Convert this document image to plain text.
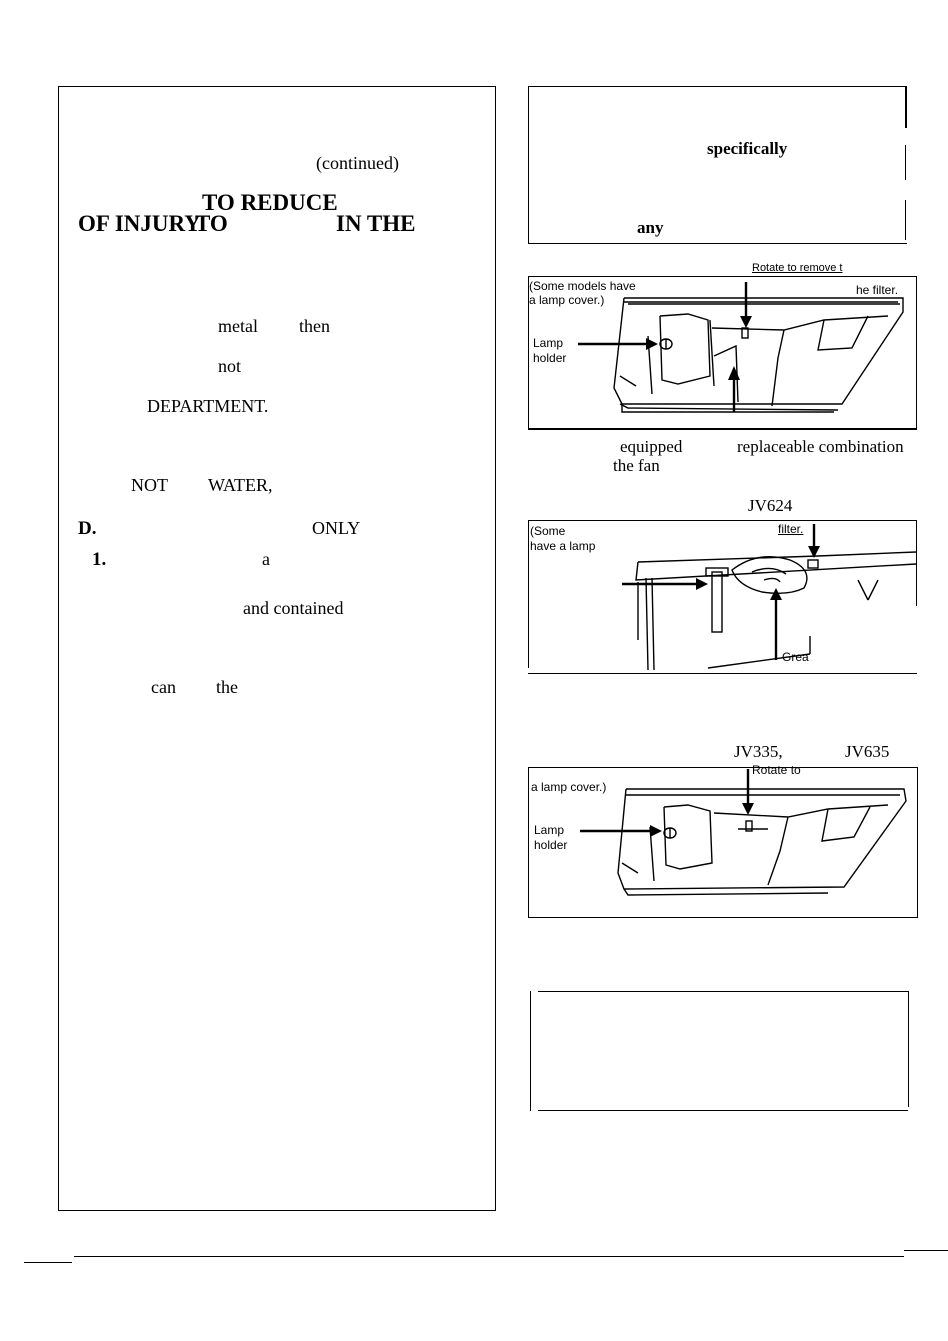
(continued)
TO REDUCE
OF INJURY
TO	IN THE
metal then
not
DEPARTMENT.
NOT WATER,
D.	ONLY
1.	a
and contained
can the
specifically
any
Rotate to remove t
(Some models have
a lamp cover.)
he filter.
Lamp
holder
equipped	replaceable combination
the fan
JV624
(Some
have a lamp
filter.
Grea
JV335,	JV635
Rotate to
a lamp cover.)
Lamp
holder
